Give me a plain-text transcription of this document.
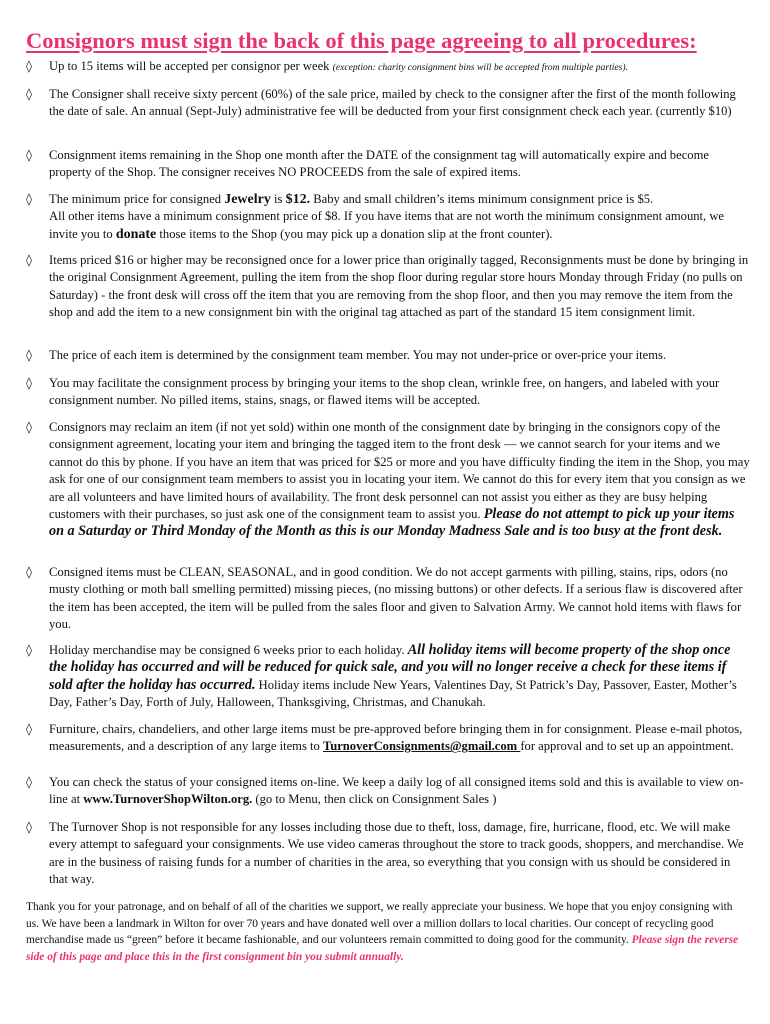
Consignors must sign the back of this page agreeing to all procedures:
◊	Up to 15 items will be accepted per consignor per week (exception: charity consignment bins will be accepted from multiple parties).
◊	The Consigner shall receive sixty percent (60%) of the sale price, mailed by check to the consigner after the first of the month following the date of sale. An annual (Sept-July) administrative fee will be deducted from your first consignment check each year. (currently $10)
◊	Consignment items remaining in the Shop one month after the DATE of the consignment tag will automatically expire and become property of the Shop. The consigner receives NO PROCEEDS from the sale of expired items.
◊	The minimum price for consigned Jewelry is $12. Baby and small children’s items minimum consignment price is $5.
All other items have a minimum consignment price of $8. If you have items that are not worth the minimum consignment amount, we invite you to donate those items to the Shop (you may pick up a donation slip at the front counter).
◊	Items priced $16 or higher may be reconsigned once for a lower price than originally tagged, Reconsignments must be done by bringing in the original Consignment Agreement, pulling the item from the shop floor during regular store hours Monday through Friday (no pulls on Saturday) - the front desk will cross off the item that you are removing from the shop floor, and then you may remove the item from the shop and add the item to a new consignment bin with the original tag attached as part of the standard 15 item consignment limit.
◊	The price of each item is determined by the consignment team member. You may not under-price or over-price your items.
◊	You may facilitate the consignment process by bringing your items to the shop clean, wrinkle free, on hangers, and labeled with your consignment number. No pilled items, stains, snags, or flawed items will be accepted.
◊	Consignors may reclaim an item (if not yet sold) within one month of the consignment date by bringing in the consignors copy of the consignment agreement, locating your item and bringing the tagged item to the front desk — we cannot search for your items and we cannot do this by phone. If you have an item that was priced for $25 or more and you have difficulty finding the item in the Shop, you may ask for one of our consignment team members to assist you in locating your item. We cannot do this for every item that you consign as we are all volunteers and have limited hours of availability. The front desk personnel can not assist you either as they are busy helping customers with their purchases, so just ask one of the consignment team to assist you. Please do not attempt to pick up your items on a Saturday or Third Monday of the Month as this is our Monday Madness Sale and is too busy at the front desk.
◊	Consigned items must be CLEAN, SEASONAL, and in good condition. We do not accept garments with pilling, stains, rips, odors (no musty clothing or moth ball smelling permitted) missing pieces, (no missing buttons) or other defects. If a serious flaw is discovered after the item has been accepted, the item will be pulled from the sales floor and given to Salvation Army. We cannot hold items with flaws for you.
◊	Holiday merchandise may be consigned 6 weeks prior to each holiday. All holiday items will become property of the shop once the holiday has occurred and will be reduced for quick sale, and you will no longer receive a check for these items if sold after the holiday has occurred. Holiday items include New Years, Valentines Day, St Patrick’s Day, Passover, Easter, Mother’s Day, Father’s Day, Forth of July, Halloween, Thanksgiving, Christmas, and Chanukah.
◊	Furniture, chairs, chandeliers, and other large items must be pre-approved before bringing them in for consignment. Please e-mail photos, measurements, and a description of any large items to TurnoverConsignments@gmail.com for approval and to set up an appointment.
◊	You can check the status of your consigned items on-line. We keep a daily log of all consigned items sold and this is available to view on-line at www.TurnoverShopWilton.org. (go to Menu, then click on Consignment Sales )
◊	The Turnover Shop is not responsible for any losses including those due to theft, loss, damage, fire, hurricane, flood, etc. We will make every attempt to safeguard your consignments. We use video cameras throughout the store to track goods, shoppers, and merchandise. We are in the business of raising funds for a number of charities in the area, so everything that you consign with us should be considered in that way.
Thank you for your patronage, and on behalf of all of the charities we support, we really appreciate your business. We hope that you enjoy consigning with us. We have been a landmark in Wilton for over 70 years and have donated well over a million dollars to local charities. Our concept of recycling good merchandise made us “green” before it became fashionable, and our volunteers remain committed to doing good for the community. Please sign the reverse side of this page and place this in the first consignment bin you submit annually.
